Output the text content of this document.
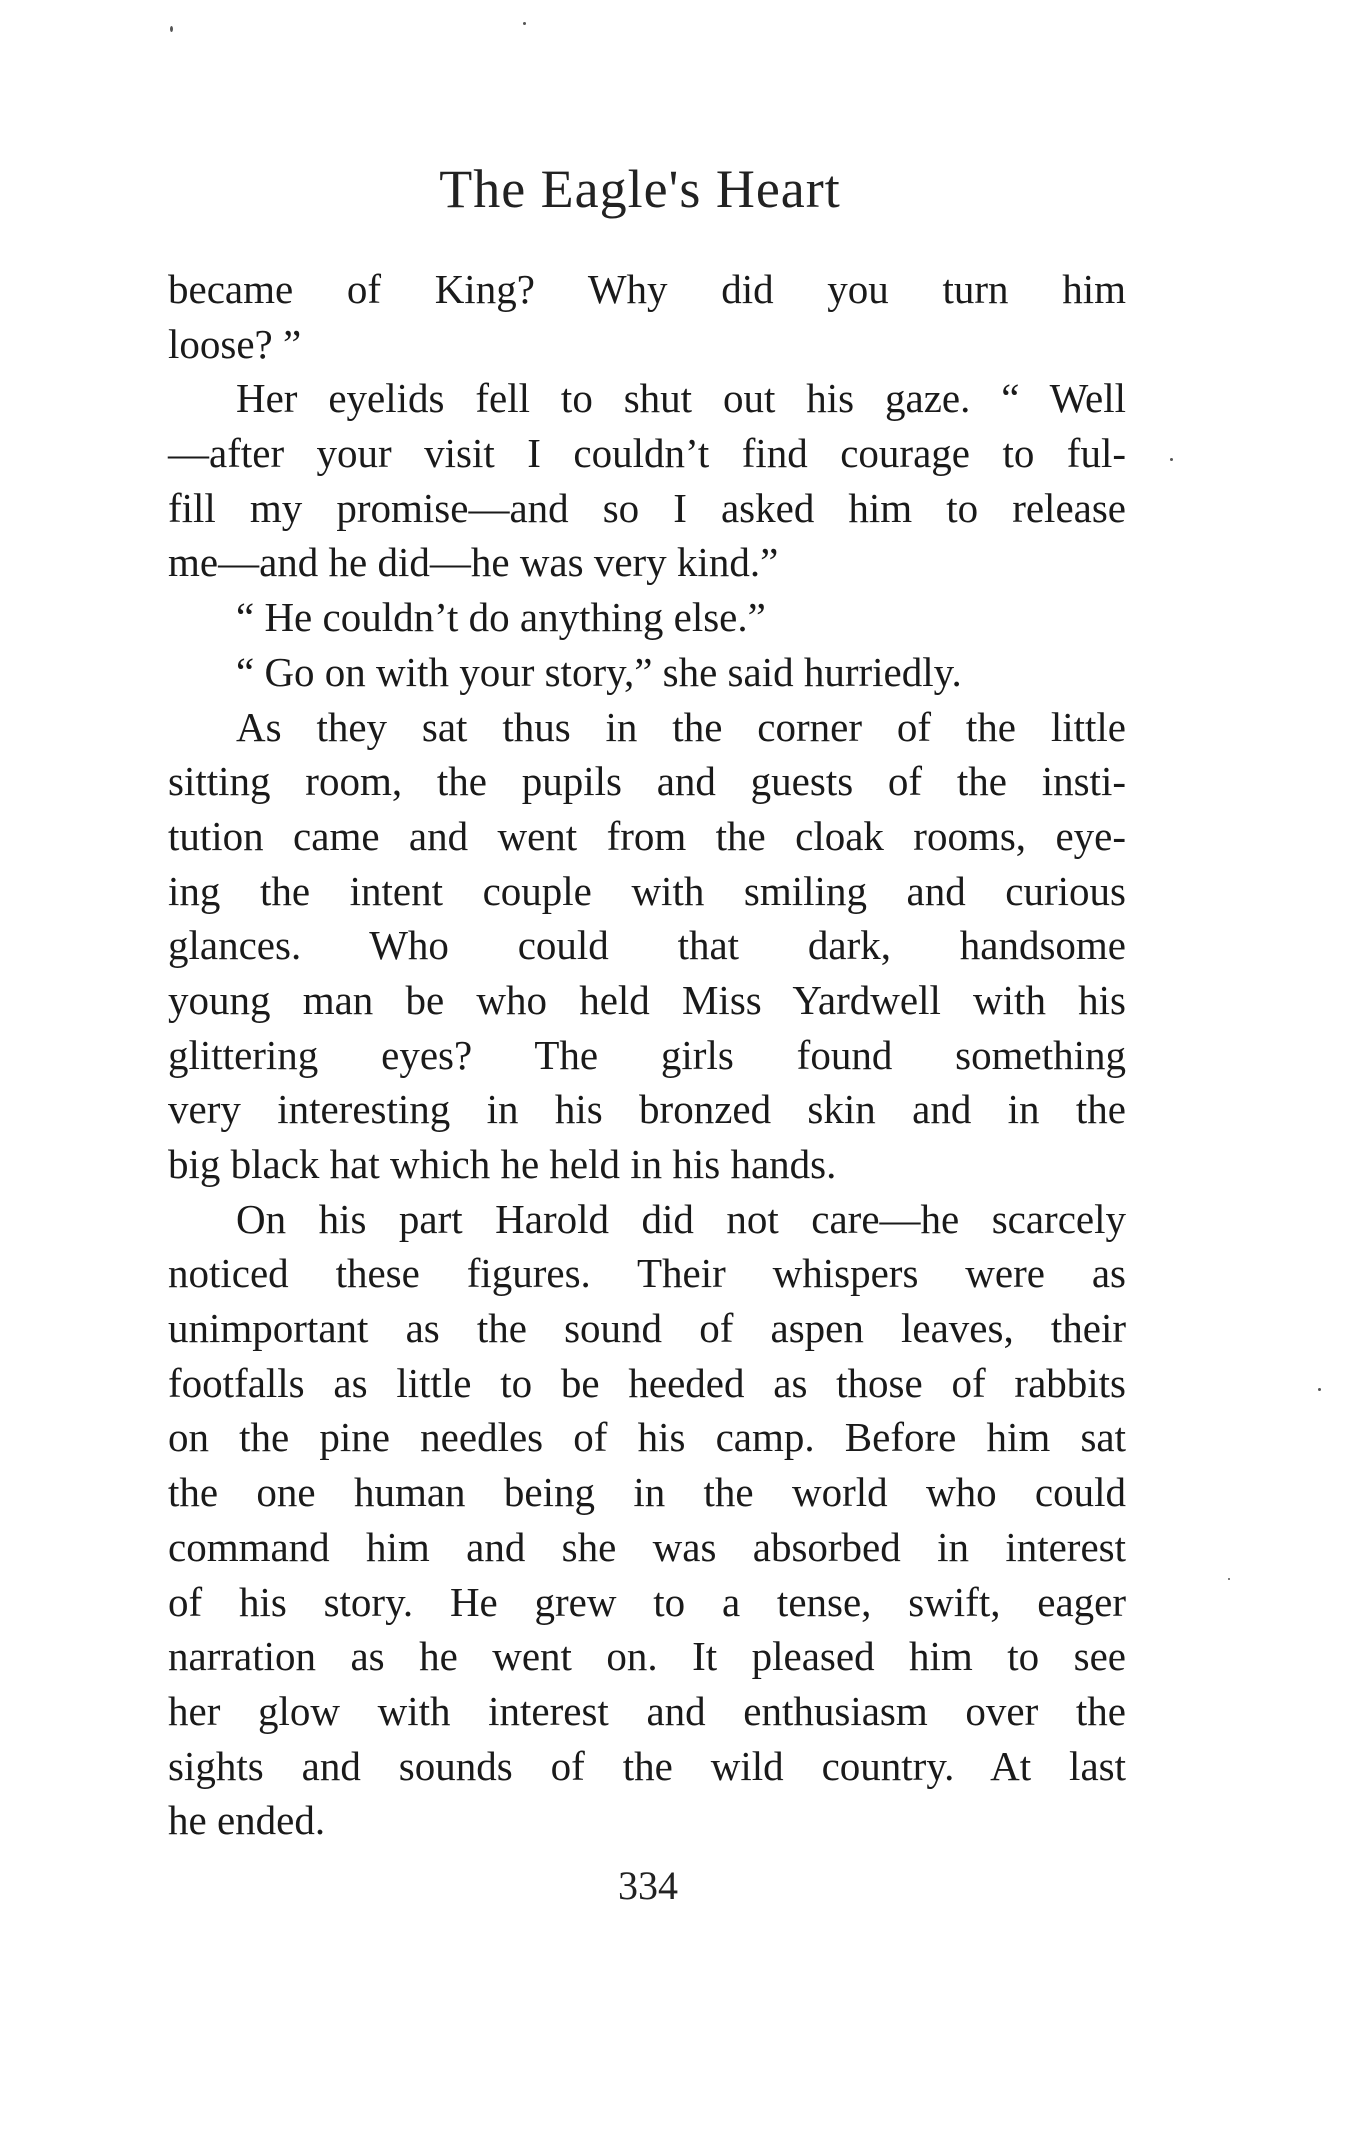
The Eagle's Heart
became of King? Why did you turn him
loose? ”
Her eyelids fell to shut out his gaze. “ Well
—after your visit I couldn’t find courage to ful-
fill my promise—and so I asked him to release
me—and he did—he was very kind.”
“ He couldn’t do anything else.”
“ Go on with your story,” she said hurriedly.
As they sat thus in the corner of the little
sitting room, the pupils and guests of the insti-
tution came and went from the cloak rooms, eye-
ing the intent couple with smiling and curious
glances. Who could that dark, handsome
young man be who held Miss Yardwell with his
glittering eyes? The girls found something
very interesting in his bronzed skin and in the
big black hat which he held in his hands.
On his part Harold did not care—he scarcely
noticed these figures. Their whispers were as
unimportant as the sound of aspen leaves, their
footfalls as little to be heeded as those of rabbits
on the pine needles of his camp. Before him sat
the one human being in the world who could
command him and she was absorbed in interest
of his story. He grew to a tense, swift, eager
narration as he went on. It pleased him to see
her glow with interest and enthusiasm over the
sights and sounds of the wild country. At last
he ended.
334
